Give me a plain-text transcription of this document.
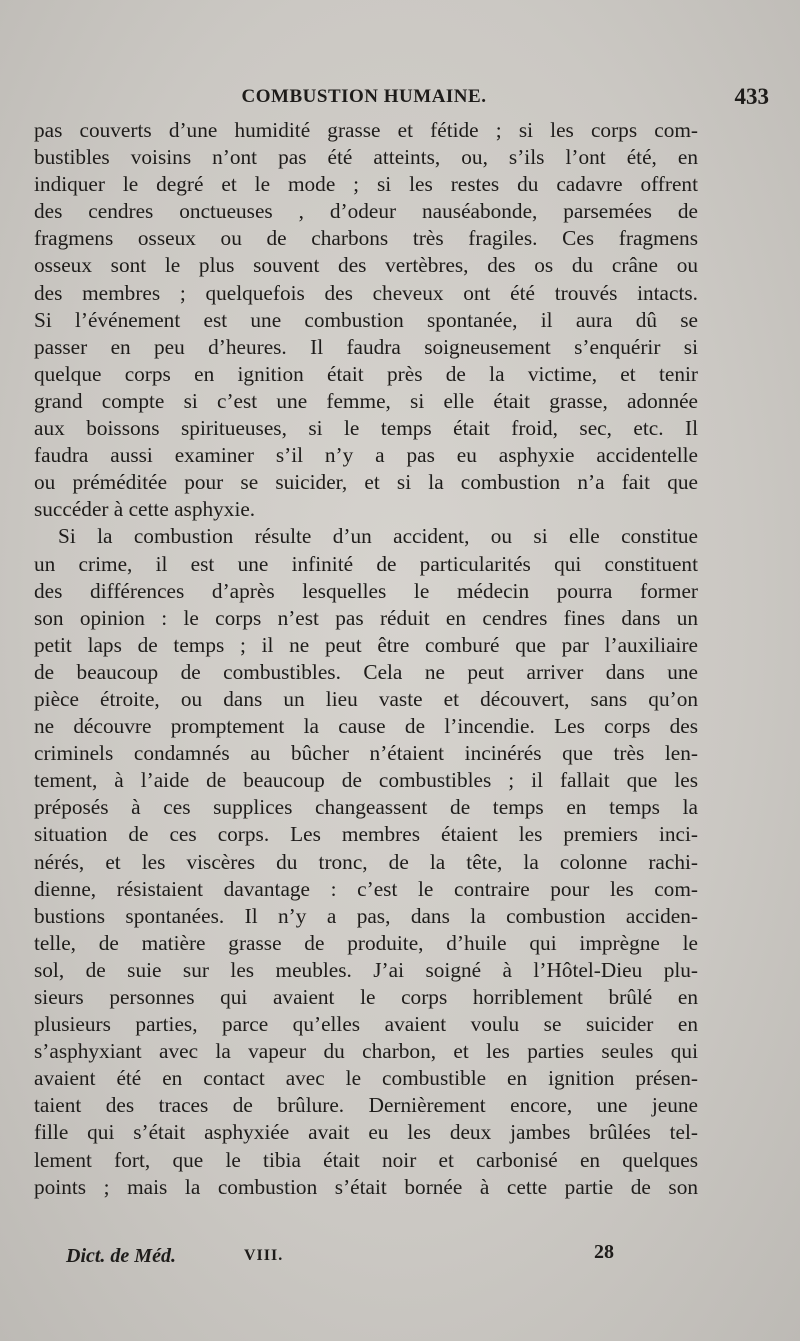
COMBUSTION HUMAINE.	433
pas couverts d’une humidité grasse et fétide ; si les corps com-
bustibles voisins n’ont pas été atteints, ou, s’ils l’ont été, en
indiquer le degré et le mode ; si les restes du cadavre offrent
des cendres onctueuses , d’odeur nauséabonde, parsemées de
fragmens osseux ou de charbons très fragiles. Ces fragmens
osseux sont le plus souvent des vertèbres, des os du crâne ou
des membres ; quelquefois des cheveux ont été trouvés intacts.
Si l’événement est une combustion spontanée, il aura dû se
passer en peu d’heures. Il faudra soigneusement s’enquérir si
quelque corps en ignition était près de la victime, et tenir
grand compte si c’est une femme, si elle était grasse, adonnée
aux boissons spiritueuses, si le temps était froid, sec, etc. Il
faudra aussi examiner s’il n’y a pas eu asphyxie accidentelle
ou préméditée pour se suicider, et si la combustion n’a fait que
succéder à cette asphyxie.
Si la combustion résulte d’un accident, ou si elle constitue
un crime, il est une infinité de particularités qui constituent
des différences d’après lesquelles le médecin pourra former
son opinion : le corps n’est pas réduit en cendres fines dans un
petit laps de temps ; il ne peut être comburé que par l’auxiliaire
de beaucoup de combustibles. Cela ne peut arriver dans une
pièce étroite, ou dans un lieu vaste et découvert, sans qu’on
ne découvre promptement la cause de l’incendie. Les corps des
criminels condamnés au bûcher n’étaient incinérés que très len-
tement, à l’aide de beaucoup de combustibles ; il fallait que les
préposés à ces supplices changeassent de temps en temps la
situation de ces corps. Les membres étaient les premiers inci-
nérés, et les viscères du tronc, de la tête, la colonne rachi-
dienne, résistaient davantage : c’est le contraire pour les com-
bustions spontanées. Il n’y a pas, dans la combustion acciden-
telle, de matière grasse de produite, d’huile qui imprègne le
sol, de suie sur les meubles. J’ai soigné à l’Hôtel-Dieu plu-
sieurs personnes qui avaient le corps horriblement brûlé en
plusieurs parties, parce qu’elles avaient voulu se suicider en
s’asphyxiant avec la vapeur du charbon, et les parties seules qui
avaient été en contact avec le combustible en ignition présen-
taient des traces de brûlure. Dernièrement encore, une jeune
fille qui s’était asphyxiée avait eu les deux jambes brûlées tel-
lement fort, que le tibia était noir et carbonisé en quelques
points ; mais la combustion s’était bornée à cette partie de son
Dict. de Méd.	VIII.	28
